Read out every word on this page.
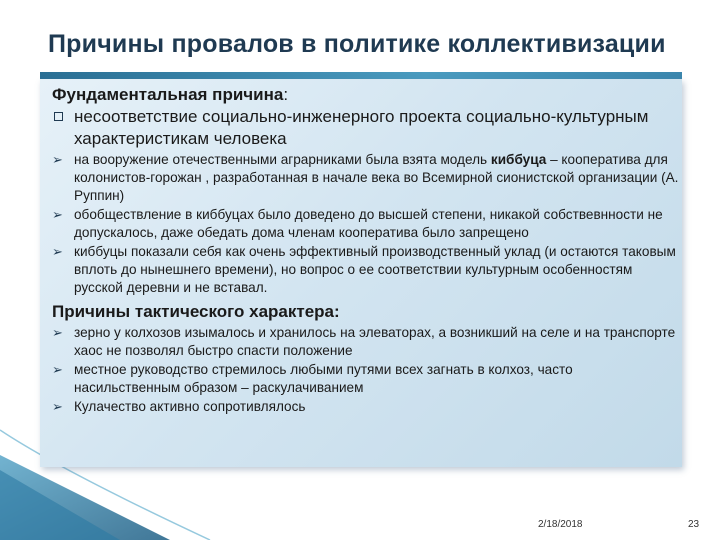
Причины провалов в политике коллективизации
Фундаментальная причина:
несоответствие социально-инженерного проекта социально-культурным характеристикам человека
➢ на вооружение отечественными аграрниками была взята модель киббуца – кооператива для колонистов-горожан , разработанная в начале века во Всемирной сионистской организации (А. Руппин)
➢ обобществление в киббуцах было доведено до высшей степени, никакой собствевнности не допускалось, даже обедать дома членам кооператива было запрещено
➢ киббуцы показали себя как очень эффективный производственный уклад (и остаются таковым вплоть до нынешнего времени), но вопрос о ее соответствии культурным особенностям русской деревни и не вставал.
Причины тактического характера:
➢ зерно у колхозов изымалось и хранилось на элеваторах, а возникший на селе и на транспорте хаос не позволял быстро спасти положение
➢ местное руководство стремилось любыми путями всех загнать в колхоз, часто насильственным образом – раскулачиванием
➢ Кулачество активно сопротивлялось
2/18/2018	23
